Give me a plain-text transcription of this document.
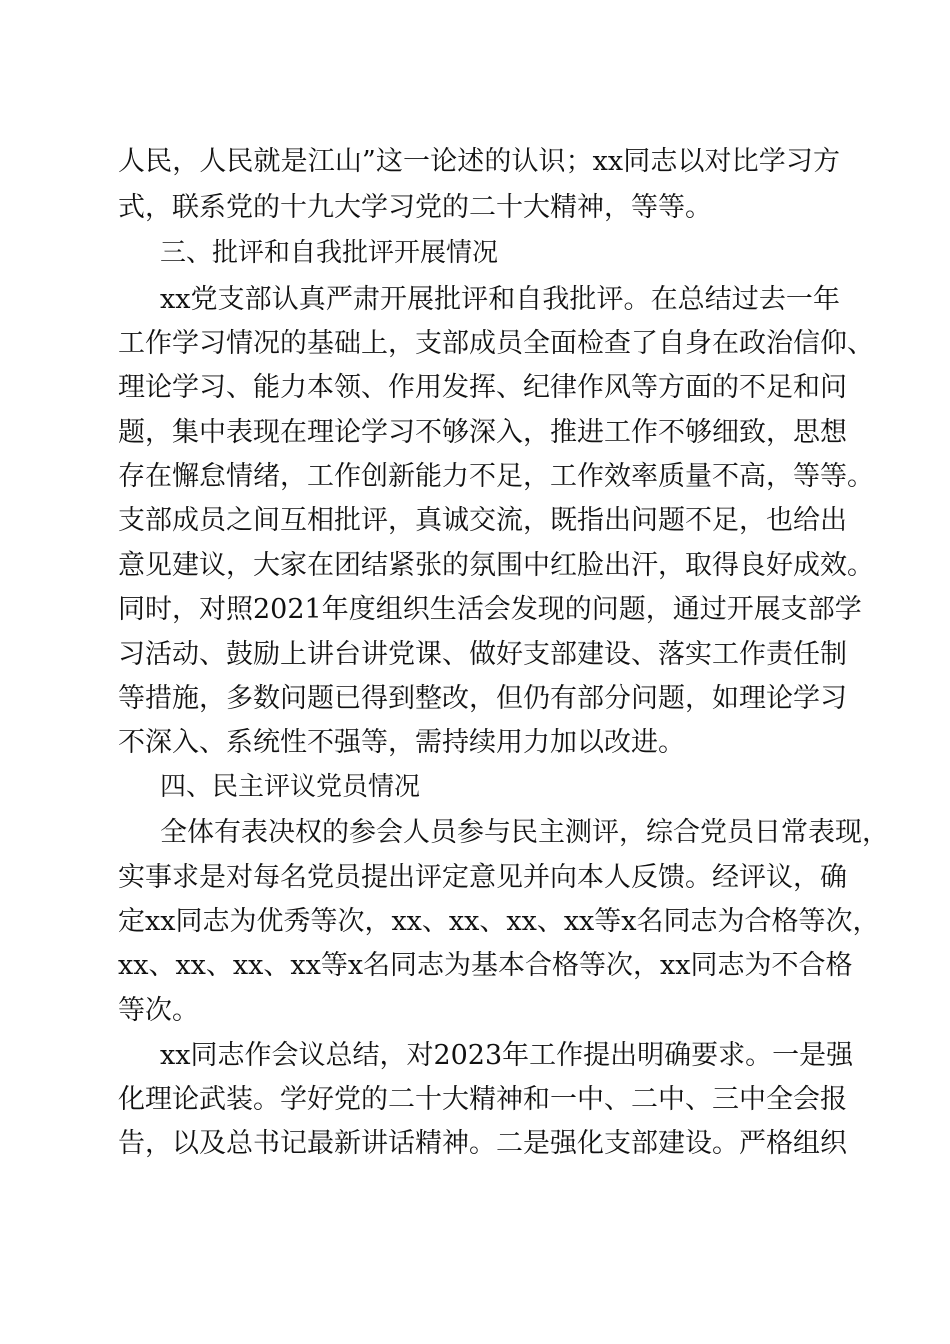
人民，人民就是江山”这一论述的认识；xx同志以对比学习方
式，联系党的十九大学习党的二十大精神，等等。
三、批评和自我批评开展情况
xx党支部认真严肃开展批评和自我批评。在总结过去一年
工作学习情况的基础上，支部成员全面检查了自身在政治信仰、
理论学习、能力本领、作用发挥、纪律作风等方面的不足和问
题，集中表现在理论学习不够深入，推进工作不够细致，思想
存在懈怠情绪，工作创新能力不足，工作效率质量不高，等等。
支部成员之间互相批评，真诚交流，既指出问题不足，也给出
意见建议，大家在团结紧张的氛围中红脸出汗，取得良好成效。
同时，对照2021年度组织生活会发现的问题，通过开展支部学
习活动、鼓励上讲台讲党课、做好支部建设、落实工作责任制
等措施，多数问题已得到整改，但仍有部分问题，如理论学习
不深入、系统性不强等，需持续用力加以改进。
四、民主评议党员情况
全体有表决权的参会人员参与民主测评，综合党员日常表现，
实事求是对每名党员提出评定意见并向本人反馈。经评议，确
定xx同志为优秀等次，xx、xx、xx、xx等x名同志为合格等次，
xx、xx、xx、xx等x名同志为基本合格等次，xx同志为不合格
等次。
xx同志作会议总结，对2023年工作提出明确要求。一是强
化理论武装。学好党的二十大精神和一中、二中、三中全会报
告，以及总书记最新讲话精神。二是强化支部建设。严格组织
